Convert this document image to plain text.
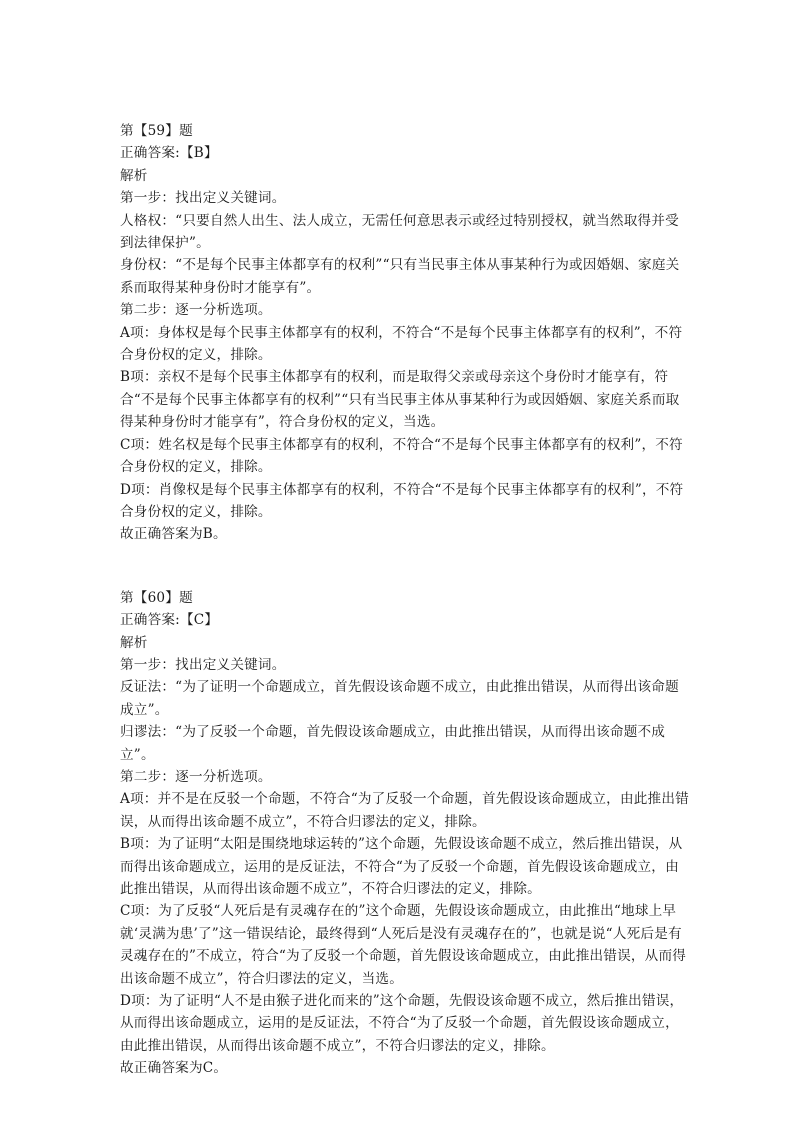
第【59】题
正确答案:【B】
解析
第一步：找出定义关键词。
人格权：“只要自然人出生、法人成立，无需任何意思表示或经过特别授权，就当然取得并受到法律保护”。
身份权：“不是每个民事主体都享有的权利”“只有当民事主体从事某种行为或因婚姻、家庭关系而取得某种身份时才能享有”。
第二步：逐一分析选项。
A项：身体权是每个民事主体都享有的权利，不符合“不是每个民事主体都享有的权利”，不符合身份权的定义，排除。
B项：亲权不是每个民事主体都享有的权利，而是取得父亲或母亲这个身份时才能享有，符合“不是每个民事主体都享有的权利”“只有当民事主体从事某种行为或因婚姻、家庭关系而取得某种身份时才能享有”，符合身份权的定义，当选。
C项：姓名权是每个民事主体都享有的权利，不符合“不是每个民事主体都享有的权利”，不符合身份权的定义，排除。
D项：肖像权是每个民事主体都享有的权利，不符合“不是每个民事主体都享有的权利”，不符合身份权的定义，排除。
故正确答案为B。
第【60】题
正确答案:【C】
解析
第一步：找出定义关键词。
反证法：“为了证明一个命题成立，首先假设该命题不成立，由此推出错误，从而得出该命题成立”。
归谬法：“为了反驳一个命题，首先假设该命题成立，由此推出错误，从而得出该命题不成立”。
第二步：逐一分析选项。
A项：并不是在反驳一个命题，不符合“为了反驳一个命题，首先假设该命题成立，由此推出错误，从而得出该命题不成立”，不符合归谬法的定义，排除。
B项：为了证明“太阳是围绕地球运转的”这个命题，先假设该命题不成立，然后推出错误，从而得出该命题成立，运用的是反证法，不符合“为了反驳一个命题，首先假设该命题成立，由此推出错误，从而得出该命题不成立”，不符合归谬法的定义，排除。
C项：为了反驳“人死后是有灵魂存在的”这个命题，先假设该命题成立，由此推出“地球上早就‘灵满为患’了”这一错误结论，最终得到“人死后是没有灵魂存在的”，也就是说“人死后是有灵魂存在的”不成立，符合“为了反驳一个命题，首先假设该命题成立，由此推出错误，从而得出该命题不成立”，符合归谬法的定义，当选。
D项：为了证明“人不是由猴子进化而来的”这个命题，先假设该命题不成立，然后推出错误，从而得出该命题成立，运用的是反证法，不符合“为了反驳一个命题，首先假设该命题成立，由此推出错误，从而得出该命题不成立”，不符合归谬法的定义，排除。
故正确答案为C。
